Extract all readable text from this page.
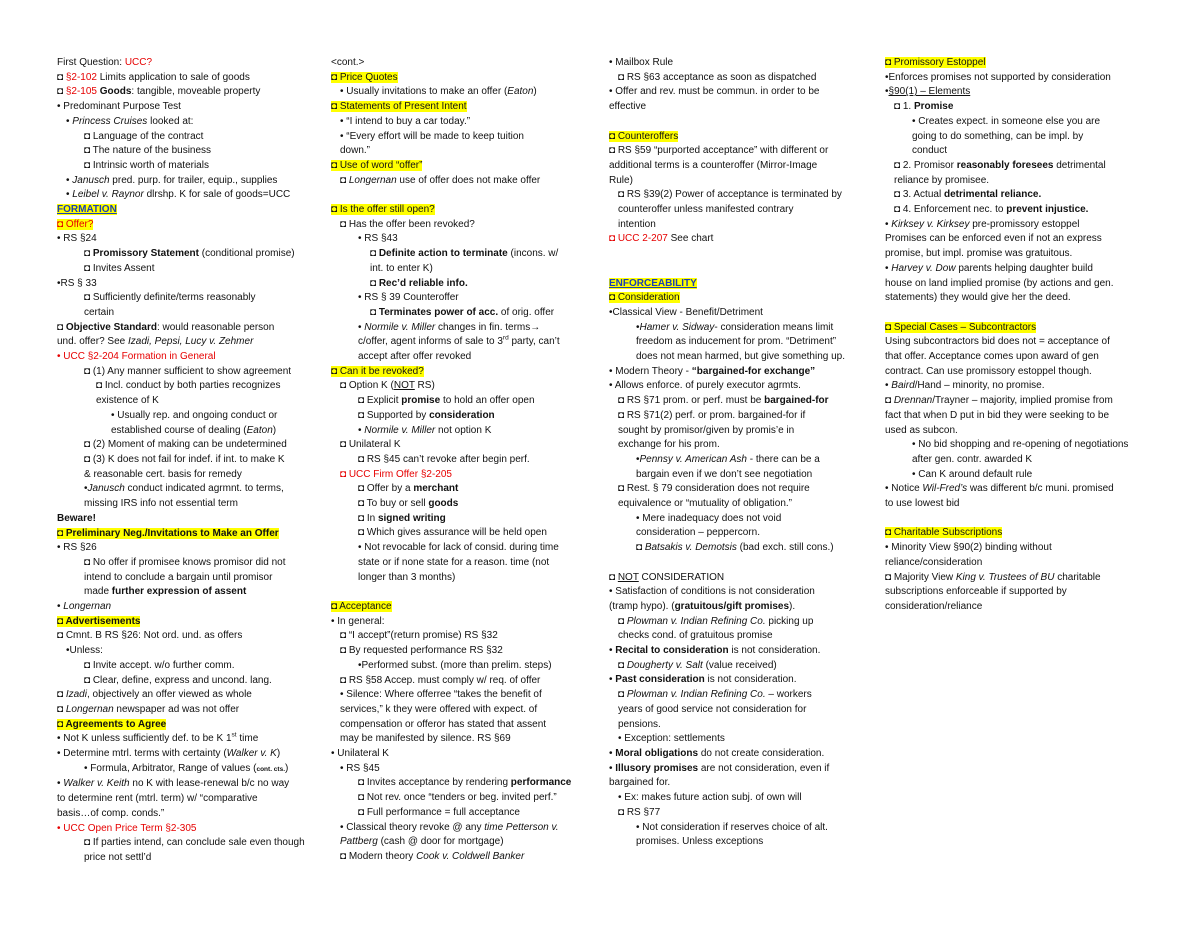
First Question: UCC?
◘ §2-102 Limits application to sale of goods
◘ §2-105 Goods: tangible, moveable property
• Predominant Purpose Test
• Princess Cruises looked at:
◘ Language of the contract
◘ The nature of the business
◘ Intrinsic worth of materials
• Janusch pred. purp. for trailer, equip., supplies
• Leibel v. Raynor dlrshp. K for sale of goods=UCC
FORMATION
◘ Offer?
• RS §24
◘ Promissory Statement (conditional promise)
◘ Invites Assent
•RS § 33
◘ Sufficiently definite/terms reasonably
certain
◘ Objective Standard: would reasonable person
und. offer? See Izadi, Pepsi, Lucy v. Zehmer
• UCC §2-204 Formation in General
◘ (1) Any manner sufficient to show agreement
◘ Incl. conduct by both parties recognizes
existence of K
• Usually rep. and ongoing conduct or
established course of dealing (Eaton)
◘ (2) Moment of making can be undetermined
◘ (3) K does not fail for indef. if int. to make K
& reasonable cert. basis for remedy
•Janusch conduct indicated agrmnt. to terms,
missing IRS info not essential term
Beware!
◘ Preliminary Neg./Invitations to Make an Offer
• RS §26
◘ No offer if promisee knows promisor did not
intend to conclude a bargain until promisor
made further expression of assent
• Longernan
◘ Advertisements
◘ Cmnt. B RS §26: Not ord. und. as offers
•Unless:
◘ Invite accept. w/o further comm.
◘ Clear, define, express and uncond. lang.
◘ Izadi, objectively an offer viewed as whole
◘ Longernan newspaper ad was not offer
◘ Agreements to Agree
• Not K unless sufficiently def. to be K 1st time
• Determine mtrl. terms with certainty (Walker v. K)
• Formula, Arbitrator, Range of values (cont. cts.)
• Walker v. Keith no K with lease-renewal b/c no way
to determine rent (mtrl. term) w/ “comparative
basis…of comp. conds.”
• UCC Open Price Term §2-305
◘ If parties intend, can conclude sale even though
price not settl’d
<cont.>
◘ Price Quotes
• Usually invitations to make an offer (Eaton)
◘ Statements of Present Intent
• “I intend to buy a car today.”
• “Every effort will be made to keep tuition
down.”
◘ Use of word “offer”
◘ Longernan use of offer does not make offer
◘ Is the offer still open?
◘ Has the offer been revoked?
• RS §43
◘ Definite action to terminate (incons. w/
int. to enter K)
◘ Rec’d reliable info.
• RS § 39 Counteroffer
◘ Terminates power of acc. of orig. offer
• Normile v. Miller changes in fin. terms→
c/offer, agent informs of sale to 3rd party, can’t
accept after offer revoked
◘ Can it be revoked?
◘ Option K (NOT RS)
◘ Explicit promise to hold an offer open
◘ Supported by consideration
• Normile v. Miller not option K
◘ Unilateral K
◘ RS §45 can’t revoke after begin perf.
◘ UCC Firm Offer §2-205
◘ Offer by a merchant
◘ To buy or sell goods
◘ In signed writing
◘ Which gives assurance will be held open
• Not revocable for lack of consid. during time
state or if none state for a reason. time (not
longer than 3 months)
◘ Acceptance
• In general:
◘ “I accept”(return promise) RS §32
◘ By requested performance RS §32
•Performed subst. (more than prelim. steps)
◘ RS §58 Accep. must comply w/ req. of offer
• Silence: Where offerree “takes the benefit of
services,” k they were offered with expect. of
compensation or offeror has stated that assent
may be manifested by silence. RS §69
• Unilateral K
• RS §45
◘ Invites acceptance by rendering performance
◘ Not rev. once “tenders or beg. invited perf.”
◘ Full performance = full acceptance
• Classical theory revoke @ any time Petterson v.
Pattberg (cash @ door for mortgage)
◘ Modern theory Cook v. Coldwell Banker
• Mailbox Rule
◘ RS §63 acceptance as soon as dispatched
• Offer and rev. must be commun. in order to be
effective
◘ Counteroffers
◘ RS §59 “purported acceptance” with different or
additional terms is a counteroffer (Mirror-Image
Rule)
◘ RS §39(2) Power of acceptance is terminated by
counteroffer unless manifested contrary
intention
◘ UCC 2-207 See chart
ENFORCEABILITY
◘ Consideration
•Classical View - Benefit/Detriment
•Hamer v. Sidway- consideration means limit
freedom as inducement for prom. “Detriment”
does not mean harmed, but give something up.
• Modern Theory - “bargained-for exchange”
• Allows enforce. of purely executor agrmts.
◘ RS §71 prom. or perf. must be bargained-for
◘ RS §71(2) perf. or prom. bargained-for if
sought by promisor/given by promis’e in
exchange for his prom.
•Pennsy v. American Ash - there can be a
bargain even if we don’t see negotiation
◘ Rest. § 79 consideration does not require
equivalence or “mutuality of obligation.”
• Mere inadequacy does not void
consideration – peppercorn.
◘ Batsakis v. Demotsis (bad exch. still cons.)
◘ NOT CONSIDERATION
• Satisfaction of conditions is not consideration
(tramp hypo). (gratuitous/gift promises).
◘ Plowman v. Indian Refining Co. picking up
checks cond. of gratuitous promise
• Recital to consideration is not consideration.
◘ Dougherty v. Salt (value received)
• Past consideration is not consideration.
◘ Plowman v. Indian Refining Co. – workers
years of good service not consideration for
pensions.
• Exception: settlements
• Moral obligations do not create consideration.
• Illusory promises are not consideration, even if
bargained for.
• Ex: makes future action subj. of own will
◘ RS §77
• Not consideration if reserves choice of alt.
promises. Unless exceptions
◘ Promissory Estoppel
•Enforces promises not supported by consideration
•§90(1) – Elements
◘ 1. Promise
• Creates expect. in someone else you are
going to do something, can be impl. by
conduct
◘ 2. Promisor reasonably foresees detrimental
reliance by promisee.
◘ 3. Actual detrimental reliance.
◘ 4. Enforcement nec. to prevent injustice.
• Kirksey v. Kirksey pre-promissory estoppel
Promises can be enforced even if not an express
promise, but impl. promise was gratuitous.
• Harvey v. Dow parents helping daughter build
house on land implied promise (by actions and gen.
statements) they would give her the deed.
◘ Special Cases – Subcontractors
Using subcontractors bid does not = acceptance of
that offer. Acceptance comes upon award of gen
contract. Can use promissory estoppel though.
• Baird/Hand – minority, no promise.
◘ Drennan/Trayner – majority, implied promise from
fact that when D put in bid they were seeking to be
used as subcon.
• No bid shopping and re-opening of negotiations
after gen. contr. awarded K
• Can K around default rule
• Notice Wil-Fred’s was different b/c muni. promised
to use lowest bid
◘ Charitable Subscriptions
• Minority View §90(2) binding without
reliance/consideration
◘ Majority View King v. Trustees of BU charitable
subscriptions enforceable if supported by
consideration/reliance
